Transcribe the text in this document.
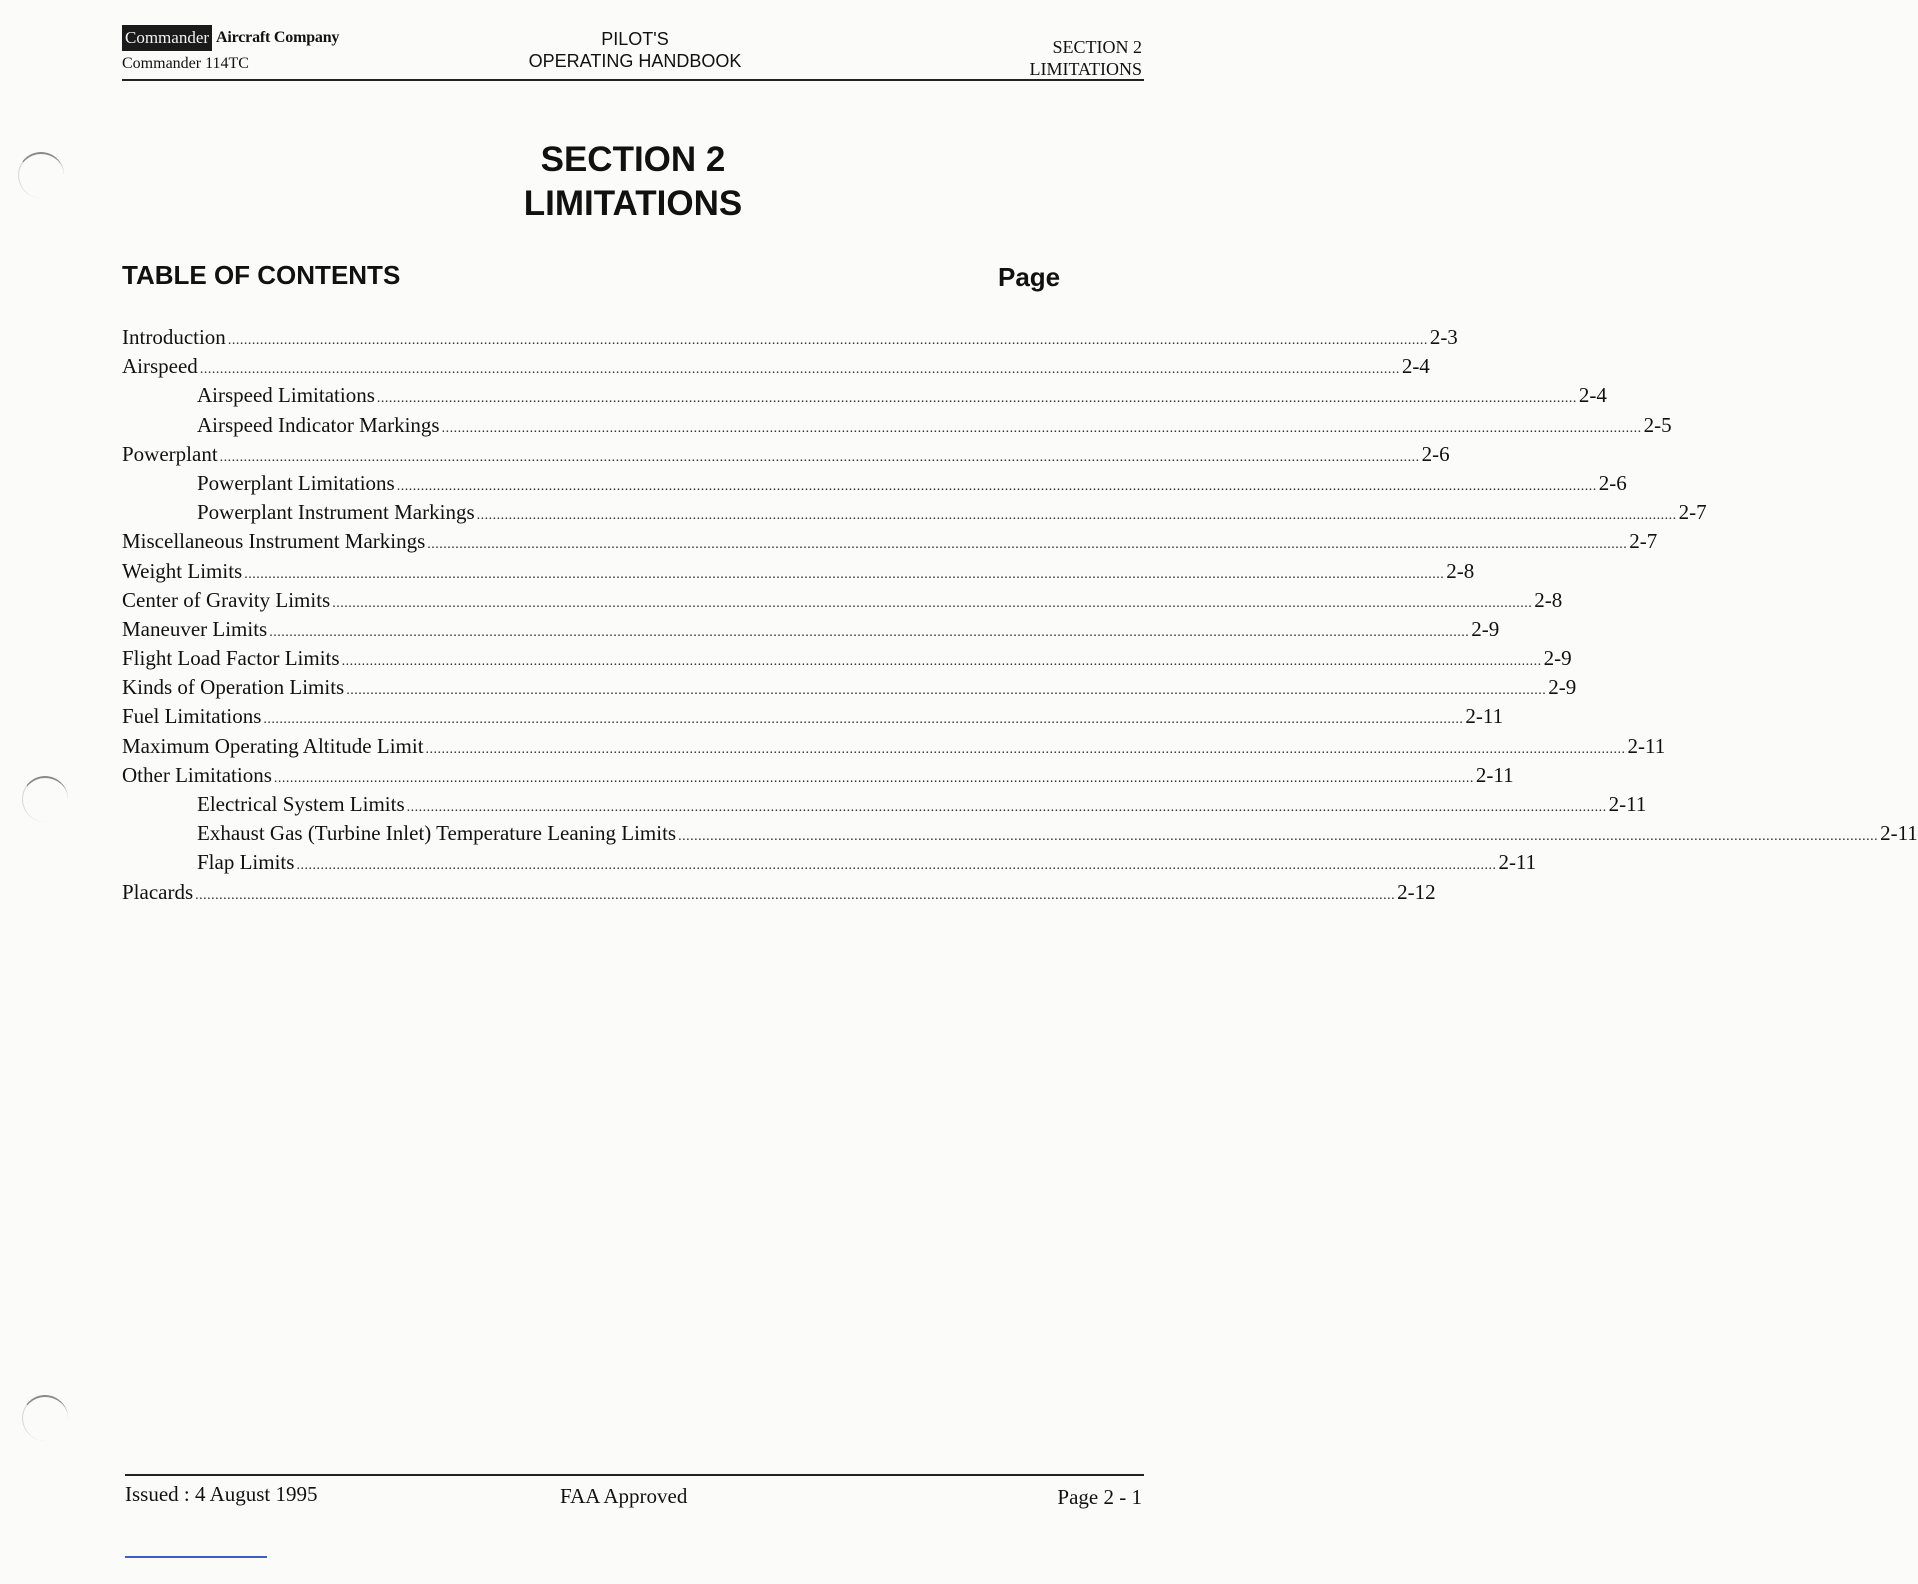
Commander Aircraft Company
Commander 114TC
PILOT'S
OPERATING HANDBOOK
SECTION 2
LIMITATIONS
SECTION 2
LIMITATIONS
TABLE OF CONTENTS	Page
Introduction ............................................................................................................................................................................................................................................................................................................ 2-3
Airspeed ............................................................................................................................................................................................................................................................................................................ 2-4
Airspeed Limitations ............................................................................................................................................................................................................................................................................................................ 2-4
Airspeed Indicator Markings ............................................................................................................................................................................................................................................................................................................ 2-5
Powerplant ............................................................................................................................................................................................................................................................................................................ 2-6
Powerplant Limitations ............................................................................................................................................................................................................................................................................................................ 2-6
Powerplant Instrument Markings ............................................................................................................................................................................................................................................................................................................ 2-7
Miscellaneous Instrument Markings ............................................................................................................................................................................................................................................................................................................ 2-7
Weight Limits ............................................................................................................................................................................................................................................................................................................ 2-8
Center of Gravity Limits ............................................................................................................................................................................................................................................................................................................ 2-8
Maneuver Limits ............................................................................................................................................................................................................................................................................................................ 2-9
Flight Load Factor Limits ............................................................................................................................................................................................................................................................................................................ 2-9
Kinds of Operation Limits ............................................................................................................................................................................................................................................................................................................ 2-9
Fuel Limitations ............................................................................................................................................................................................................................................................................................................ 2-11
Maximum Operating Altitude Limit ............................................................................................................................................................................................................................................................................................................ 2-11
Other Limitations ............................................................................................................................................................................................................................................................................................................ 2-11
Electrical System Limits ............................................................................................................................................................................................................................................................................................................ 2-11
Exhaust Gas (Turbine Inlet) Temperature Leaning Limits ............................................................................................................................................................................................................................................................................................................ 2-11
Flap Limits ............................................................................................................................................................................................................................................................................................................ 2-11
Placards ............................................................................................................................................................................................................................................................................................................ 2-12
Issued : 4 August 1995	FAA Approved	Page 2 - 1
